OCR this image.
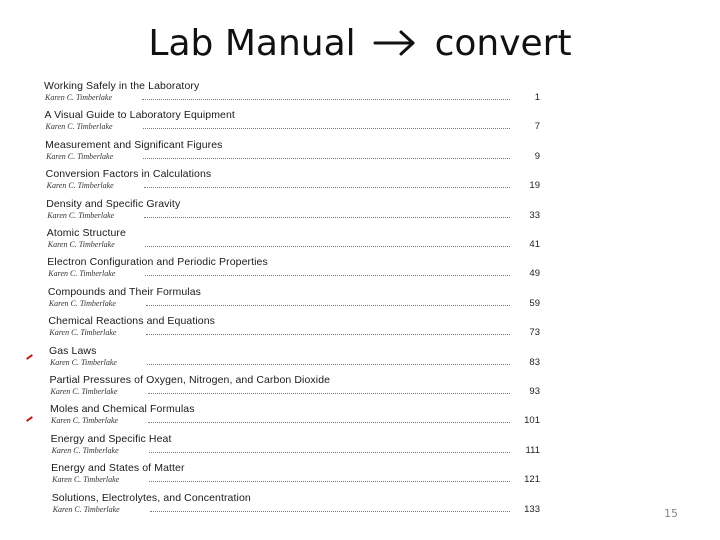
Lab Manual convert
Working Safely in the Laboratory
Karen C. Timberlake	1
A Visual Guide to Laboratory Equipment
Karen C. Timberlake	7
Measurement and Significant Figures
Karen C. Timberlake	9
Conversion Factors in Calculations
Karen C. Timberlake	19
Density and Specific Gravity
Karen C. Timberlake	33
Atomic Structure
Karen C. Timberlake	41
Electron Configuration and Periodic Properties
Karen C. Timberlake	49
Compounds and Their Formulas
Karen C. Timberlake	59
Chemical Reactions and Equations
Karen C. Timberlake	73
Gas Laws
Karen C. Timberlake	83
Partial Pressures of Oxygen, Nitrogen, and Carbon Dioxide
Karen C. Timberlake	93
Moles and Chemical Formulas
Karen C. Timberlake	101
Energy and Specific Heat
Karen C. Timberlake	111
Energy and States of Matter
Karen C. Timberlake	121
Solutions, Electrolytes, and Concentration
Karen C. Timberlake	133	15
